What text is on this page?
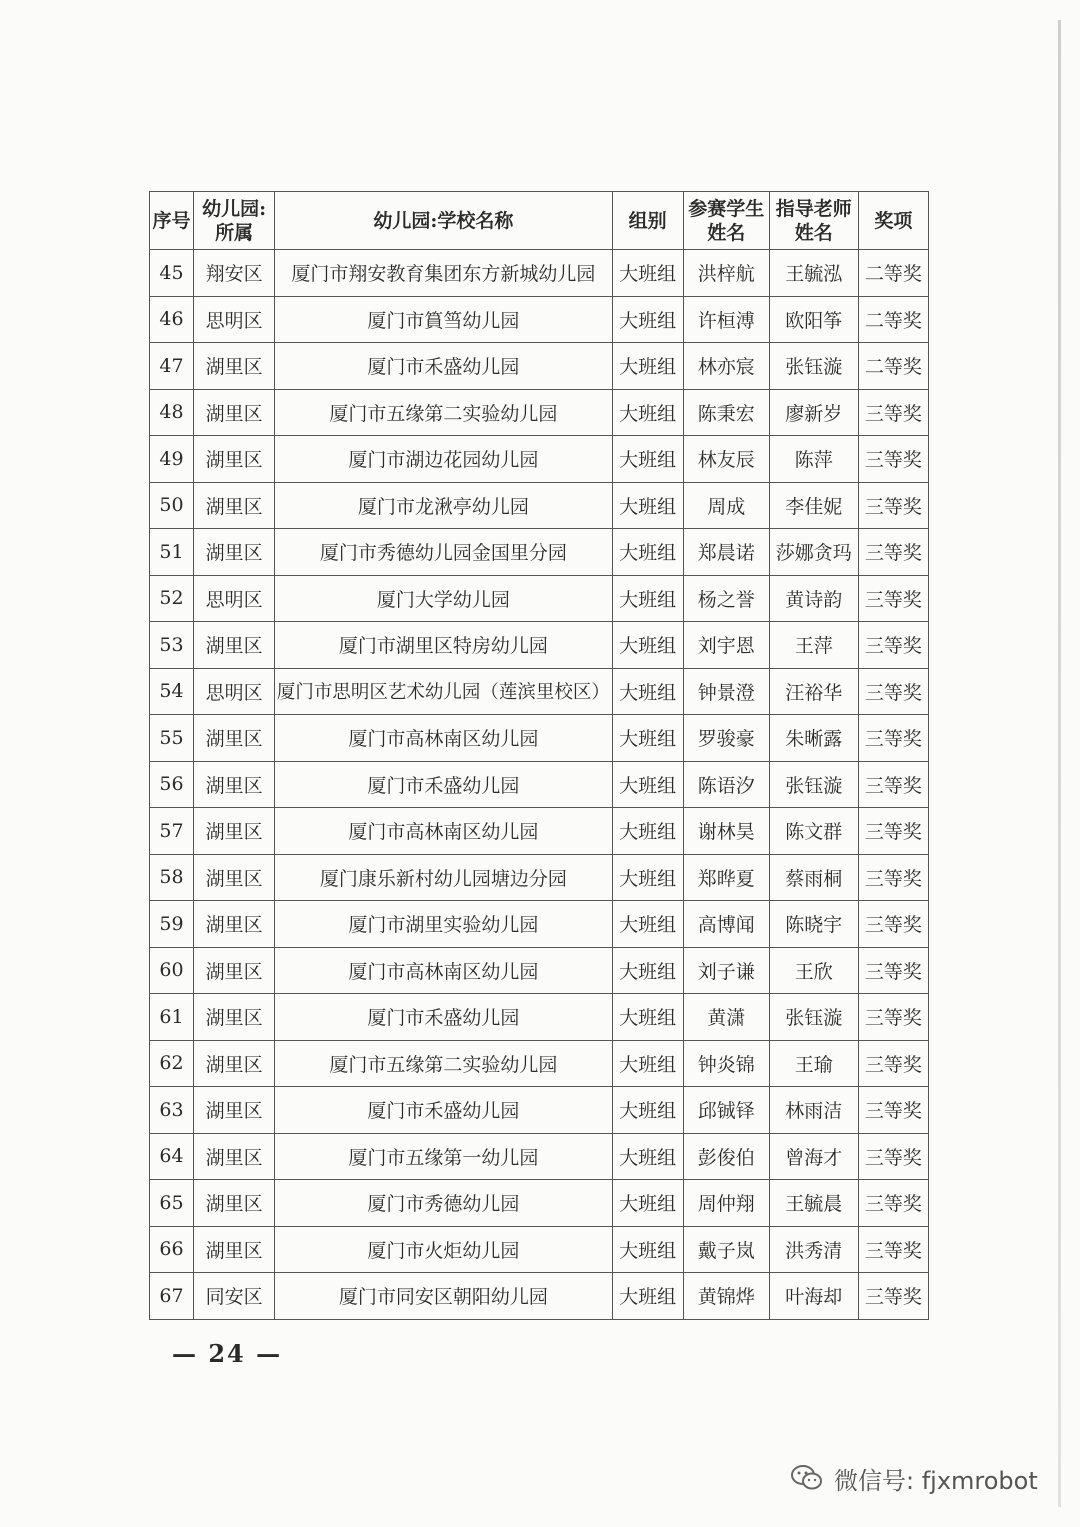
序号	幼儿园:所属	幼儿园:学校名称	组别	参赛学生姓名	指导老师姓名	奖项
45	翔安区	厦门市翔安教育集团东方新城幼儿园	大班组	洪梓航	王毓泓	二等奖
46	思明区	厦门市篔筜幼儿园	大班组	许桓溥	欧阳筝	二等奖
47	湖里区	厦门市禾盛幼儿园	大班组	林亦宸	张钰漩	二等奖
48	湖里区	厦门市五缘第二实验幼儿园	大班组	陈秉宏	廖新岁	三等奖
49	湖里区	厦门市湖边花园幼儿园	大班组	林友辰	陈萍	三等奖
50	湖里区	厦门市龙湫亭幼儿园	大班组	周成	李佳妮	三等奖
51	湖里区	厦门市秀德幼儿园金国里分园	大班组	郑晨诺	莎娜贪玛	三等奖
52	思明区	厦门大学幼儿园	大班组	杨之誉	黄诗韵	三等奖
53	湖里区	厦门市湖里区特房幼儿园	大班组	刘宇恩	王萍	三等奖
54	思明区	厦门市思明区艺术幼儿园（莲滨里校区）	大班组	钟景澄	汪裕华	三等奖
55	湖里区	厦门市高林南区幼儿园	大班组	罗骏豪	朱晰露	三等奖
56	湖里区	厦门市禾盛幼儿园	大班组	陈语汐	张钰漩	三等奖
57	湖里区	厦门市高林南区幼儿园	大班组	谢林昊	陈文群	三等奖
58	湖里区	厦门康乐新村幼儿园塘边分园	大班组	郑晔夏	蔡雨桐	三等奖
59	湖里区	厦门市湖里实验幼儿园	大班组	高博闻	陈晓宇	三等奖
60	湖里区	厦门市高林南区幼儿园	大班组	刘子谦	王欣	三等奖
61	湖里区	厦门市禾盛幼儿园	大班组	黄潇	张钰漩	三等奖
62	湖里区	厦门市五缘第二实验幼儿园	大班组	钟炎锦	王瑜	三等奖
63	湖里区	厦门市禾盛幼儿园	大班组	邱铖铎	林雨洁	三等奖
64	湖里区	厦门市五缘第一幼儿园	大班组	彭俊伯	曾海才	三等奖
65	湖里区	厦门市秀德幼儿园	大班组	周仲翔	王毓晨	三等奖
66	湖里区	厦门市火炬幼儿园	大班组	戴子岚	洪秀清	三等奖
67	同安区	厦门市同安区朝阳幼儿园	大班组	黄锦烨	叶海却	三等奖
— 24 —
微信号: fjxmrobot
